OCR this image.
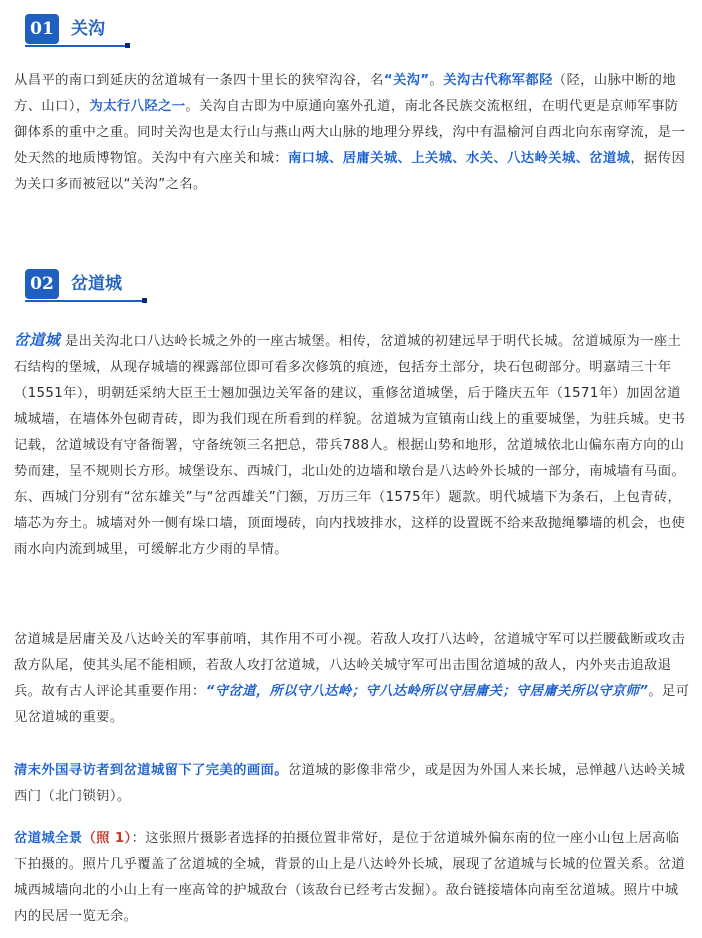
01	关沟

从昌平的南口到延庆的岔道城有一条四十里长的狭窄沟谷，名“关沟”。关沟古代称军都陉（陉，山脉中断的地方、山口），为太行八陉之一。关沟自古即为中原通向塞外孔道，南北各民族交流枢纽，在明代更是京师军事防御体系的重中之重。同时关沟也是太行山与燕山两大山脉的地理分界线，沟中有温榆河自西北向东南穿流，是一处天然的地质博物馆。关沟中有六座关和城：南口城、居庸关城、上关城、水关、八达岭关城、岔道城，据传因为关口多而被冠以“关沟”之名。

02	岔道城

岔道城 是出关沟北口八达岭长城之外的一座古城堡。相传，岔道城的初建远早于明代长城。岔道城原为一座土石结构的堡城，从现存城墙的裸露部位即可看多次修筑的痕迹，包括夯土部分，块石包砌部分。明嘉靖三十年（1551年），明朝廷采纳大臣王士翘加强边关军备的建议，重修岔道城堡，后于隆庆五年（1571年）加固岔道城城墙，在墙体外包砌青砖，即为我们现在所看到的样貌。岔道城为宣镇南山线上的重要城堡，为驻兵城。史书记载，岔道城设有守备衙署，守备统领三名把总，带兵788人。根据山势和地形，岔道城依北山偏东南方向的山势而建，呈不规则长方形。城堡设东、西城门，北山处的边墙和墩台是八达岭外长城的一部分，南城墙有马面。东、西城门分别有“岔东雄关”与“岔西雄关”门额，万历三年（1575年）题款。明代城墙下为条石，上包青砖，墙芯为夯土。城墙对外一侧有垛口墙，顶面墁砖，向内找坡排水，这样的设置既不给来敌抛绳攀墙的机会，也使雨水向内流到城里，可缓解北方少雨的旱情。

岔道城是居庸关及八达岭关的军事前哨，其作用不可小视。若敌人攻打八达岭，岔道城守军可以拦腰截断或攻击敌方队尾，使其头尾不能相顾，若敌人攻打岔道城，八达岭关城守军可出击围岔道城的敌人，内外夹击追敌退兵。故有古人评论其重要作用：“守岔道，所以守八达岭；守八达岭所以守居庸关；守居庸关所以守京师”。足可见岔道城的重要。

清末外国寻访者到岔道城留下了完美的画面。岔道城的影像非常少，或是因为外国人来长城，忌惮越八达岭关城西门（北门锁钥）。

岔道城全景（照 1）：这张照片摄影者选择的拍摄位置非常好，是位于岔道城外偏东南的位一座小山包上居高临下拍摄的。照片几乎覆盖了岔道城的全城，背景的山上是八达岭外长城，展现了岔道城与长城的位置关系。岔道城西城墙向北的小山上有一座高耸的护城敌台（该敌台已经考古发掘）。敌台链接墙体向南至岔道城。照片中城内的民居一览无余。
